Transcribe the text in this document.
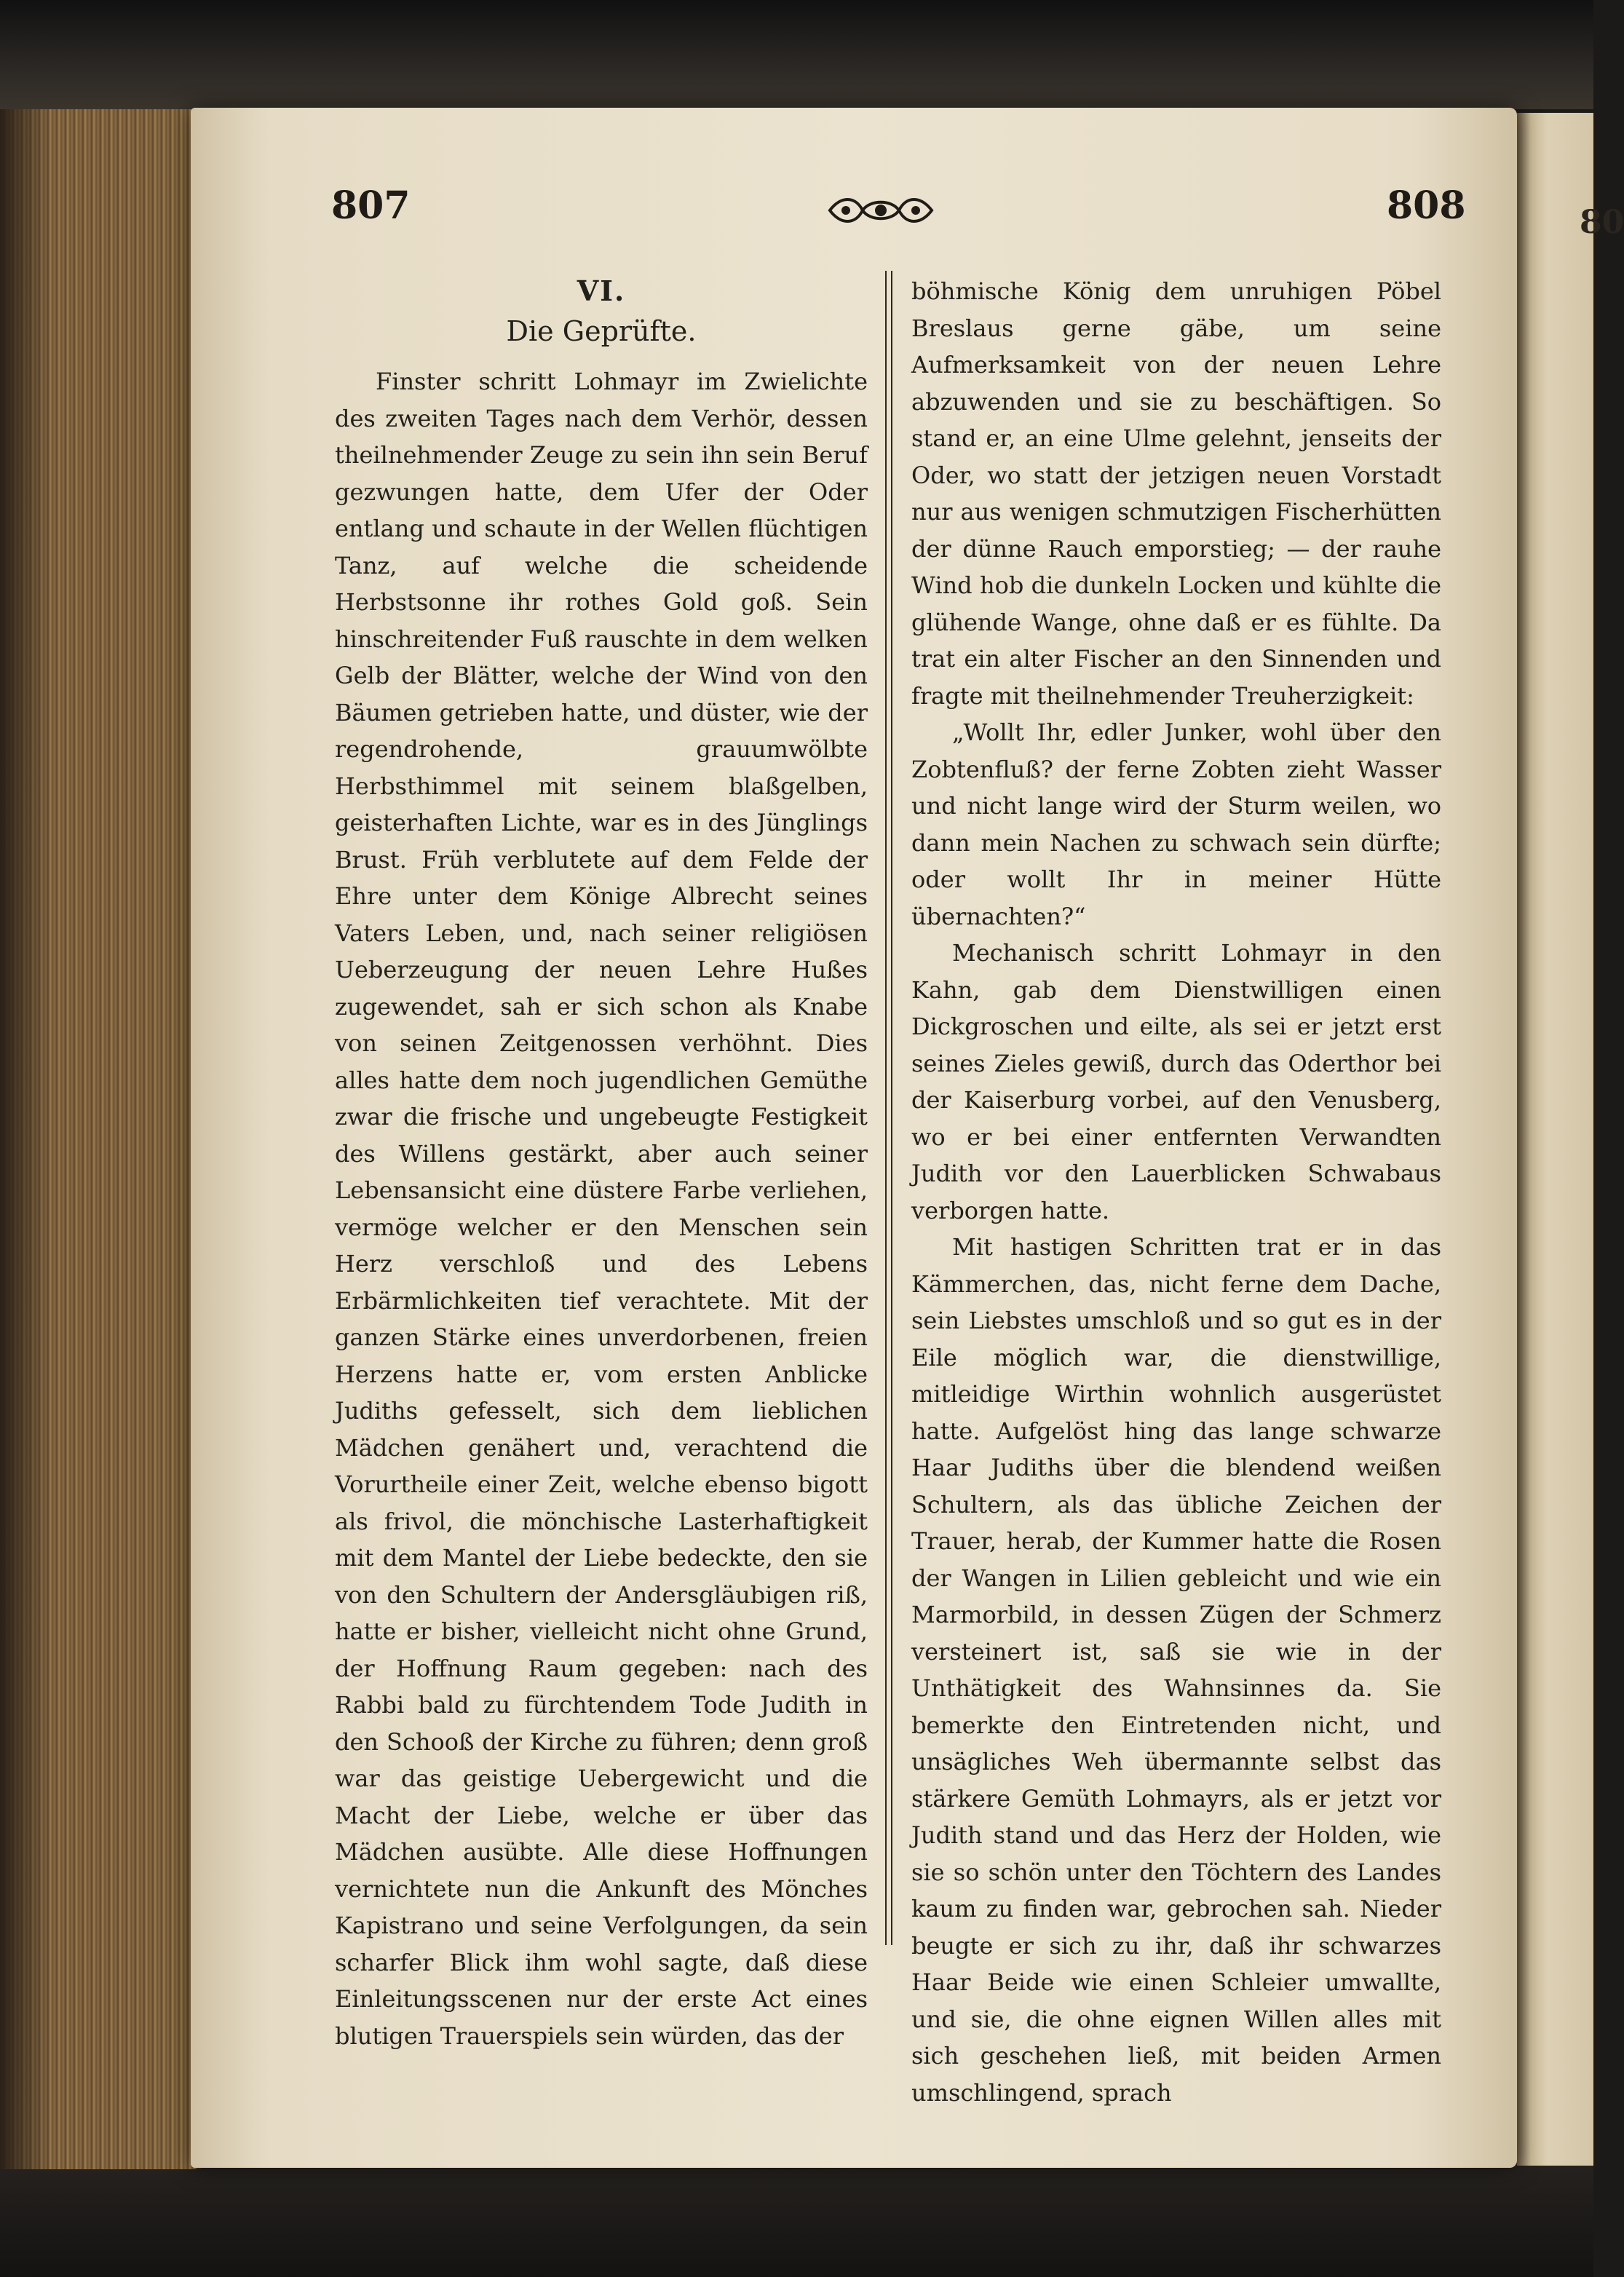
80
807	808
VI.
Die Geprüfte.

Finster schritt Lohmayr im Zwielichte des zweiten Tages nach dem Verhör, dessen theilnehmender Zeuge zu sein ihn sein Beruf gezwungen hatte, dem Ufer der Oder entlang und schaute in der Wellen flüchtigen Tanz, auf welche die scheidende Herbstsonne ihr rothes Gold goß. Sein hinschreitender Fuß rauschte in dem welken Gelb der Blätter, welche der Wind von den Bäumen getrieben hatte, und düster, wie der regendrohende, grauumwölbte Herbsthimmel mit seinem blaßgelben, geisterhaften Lichte, war es in des Jünglings Brust. Früh verblutete auf dem Felde der Ehre unter dem Könige Albrecht seines Vaters Leben, und, nach seiner religiösen Ueberzeugung der neuen Lehre Hußes zugewendet, sah er sich schon als Knabe von seinen Zeitgenossen verhöhnt. Dies alles hatte dem noch jugendlichen Gemüthe zwar die frische und ungebeugte Festigkeit des Willens gestärkt, aber auch seiner Lebensansicht eine düstere Farbe verliehen, vermöge welcher er den Menschen sein Herz verschloß und des Lebens Erbärmlichkeiten tief verachtete. Mit der ganzen Stärke eines unverdorbenen, freien Herzens hatte er, vom ersten Anblicke Judiths gefesselt, sich dem lieblichen Mädchen genähert und, verachtend die Vorurtheile einer Zeit, welche ebenso bigott als frivol, die mönchische Lasterhaftigkeit mit dem Mantel der Liebe bedeckte, den sie von den Schultern der Andersgläubigen riß, hatte er bisher, vielleicht nicht ohne Grund, der Hoffnung Raum gegeben: nach des Rabbi bald zu fürchtendem Tode Judith in den Schooß der Kirche zu führen; denn groß war das geistige Uebergewicht und die Macht der Liebe, welche er über das Mädchen ausübte. Alle diese Hoffnungen vernichtete nun die Ankunft des Mönches Kapistrano und seine Verfolgungen, da sein scharfer Blick ihm wohl sagte, daß diese Einleitungsscenen nur der erste Act eines blutigen Trauerspiels sein würden, das der

böhmische König dem unruhigen Pöbel Breslaus gerne gäbe, um seine Aufmerksamkeit von der neuen Lehre abzuwenden und sie zu beschäftigen. So stand er, an eine Ulme gelehnt, jenseits der Oder, wo statt der jetzigen neuen Vorstadt nur aus wenigen schmutzigen Fischerhütten der dünne Rauch emporstieg; — der rauhe Wind hob die dunkeln Locken und kühlte die glühende Wange, ohne daß er es fühlte. Da trat ein alter Fischer an den Sinnenden und fragte mit theilnehmender Treuherzigkeit:

„Wollt Ihr, edler Junker, wohl über den Zobtenfluß? der ferne Zobten zieht Wasser und nicht lange wird der Sturm weilen, wo dann mein Nachen zu schwach sein dürfte; oder wollt Ihr in meiner Hütte übernachten?“

Mechanisch schritt Lohmayr in den Kahn, gab dem Dienstwilligen einen Dickgroschen und eilte, als sei er jetzt erst seines Zieles gewiß, durch das Oderthor bei der Kaiserburg vorbei, auf den Venusberg, wo er bei einer entfernten Verwandten Judith vor den Lauerblicken Schwabaus verborgen hatte.

Mit hastigen Schritten trat er in das Kämmerchen, das, nicht ferne dem Dache, sein Liebstes umschloß und so gut es in der Eile möglich war, die dienstwillige, mitleidige Wirthin wohnlich ausgerüstet hatte. Aufgelöst hing das lange schwarze Haar Judiths über die blendend weißen Schultern, als das übliche Zeichen der Trauer, herab, der Kummer hatte die Rosen der Wangen in Lilien gebleicht und wie ein Marmorbild, in dessen Zügen der Schmerz versteinert ist, saß sie wie in der Unthätigkeit des Wahnsinnes da. Sie bemerkte den Eintretenden nicht, und unsägliches Weh übermannte selbst das stärkere Gemüth Lohmayrs, als er jetzt vor Judith stand und das Herz der Holden, wie sie so schön unter den Töchtern des Landes kaum zu finden war, gebrochen sah. Nieder beugte er sich zu ihr, daß ihr schwarzes Haar Beide wie einen Schleier umwallte, und sie, die ohne eignen Willen alles mit sich geschehen ließ, mit beiden Armen umschlingend, sprach
